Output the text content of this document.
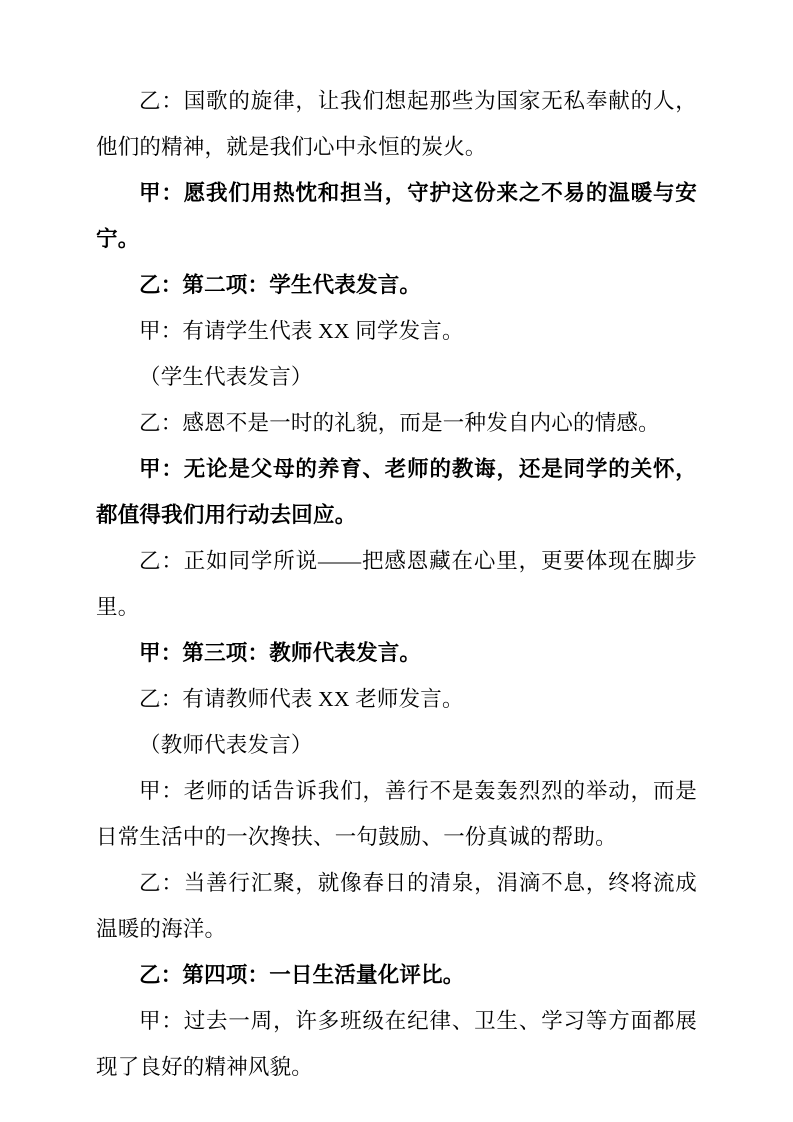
乙：国歌的旋律，让我们想起那些为国家无私奉献的人，他们的精神，就是我们心中永恒的炭火。

甲：愿我们用热忱和担当，守护这份来之不易的温暖与安宁。

乙：第二项：学生代表发言。

甲：有请学生代表 XX 同学发言。

（学生代表发言）

乙：感恩不是一时的礼貌，而是一种发自内心的情感。

甲：无论是父母的养育、老师的教诲，还是同学的关怀，都值得我们用行动去回应。

乙：正如同学所说——把感恩藏在心里，更要体现在脚步里。

甲：第三项：教师代表发言。

乙：有请教师代表 XX 老师发言。

（教师代表发言）

甲：老师的话告诉我们，善行不是轰轰烈烈的举动，而是日常生活中的一次搀扶、一句鼓励、一份真诚的帮助。

乙：当善行汇聚，就像春日的清泉，涓滴不息，终将流成温暖的海洋。

乙：第四项：一日生活量化评比。

甲：过去一周，许多班级在纪律、卫生、学习等方面都展现了良好的精神风貌。
